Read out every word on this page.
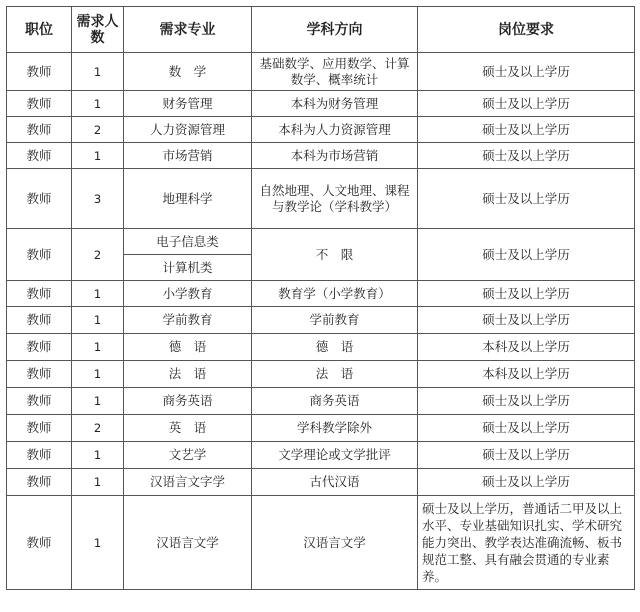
职位	需求人数	需求专业	学科方向	岗位要求
教师	1	数　学	基础数学、应用数学、计算数学、概率统计	硕士及以上学历
教师	1	财务管理	本科为财务管理	硕士及以上学历
教师	2	人力资源管理	本科为人力资源管理	硕士及以上学历
教师	1	市场营销	本科为市场营销	硕士及以上学历
教师	3	地理科学	自然地理、人文地理、课程与教学论（学科教学）	硕士及以上学历
教师	2	电子信息类	不　限	硕士及以上学历
		计算机类		
教师	1	小学教育	教育学（小学教育）	硕士及以上学历
教师	1	学前教育	学前教育	硕士及以上学历
教师	1	德　语	德　语	本科及以上学历
教师	1	法　语	法　语	本科及以上学历
教师	1	商务英语	商务英语	硕士及以上学历
教师	2	英　语	学科教学除外	硕士及以上学历
教师	1	文艺学	文学理论或文学批评	硕士及以上学历
教师	1	汉语言文字学	古代汉语	硕士及以上学历
教师	1	汉语言文学	汉语言文学	硕士及以上学历，普通话二甲及以上水平、专业基础知识扎实、学术研究能力突出、教学表达准确流畅、板书规范工整、具有融会贯通的专业素养。
